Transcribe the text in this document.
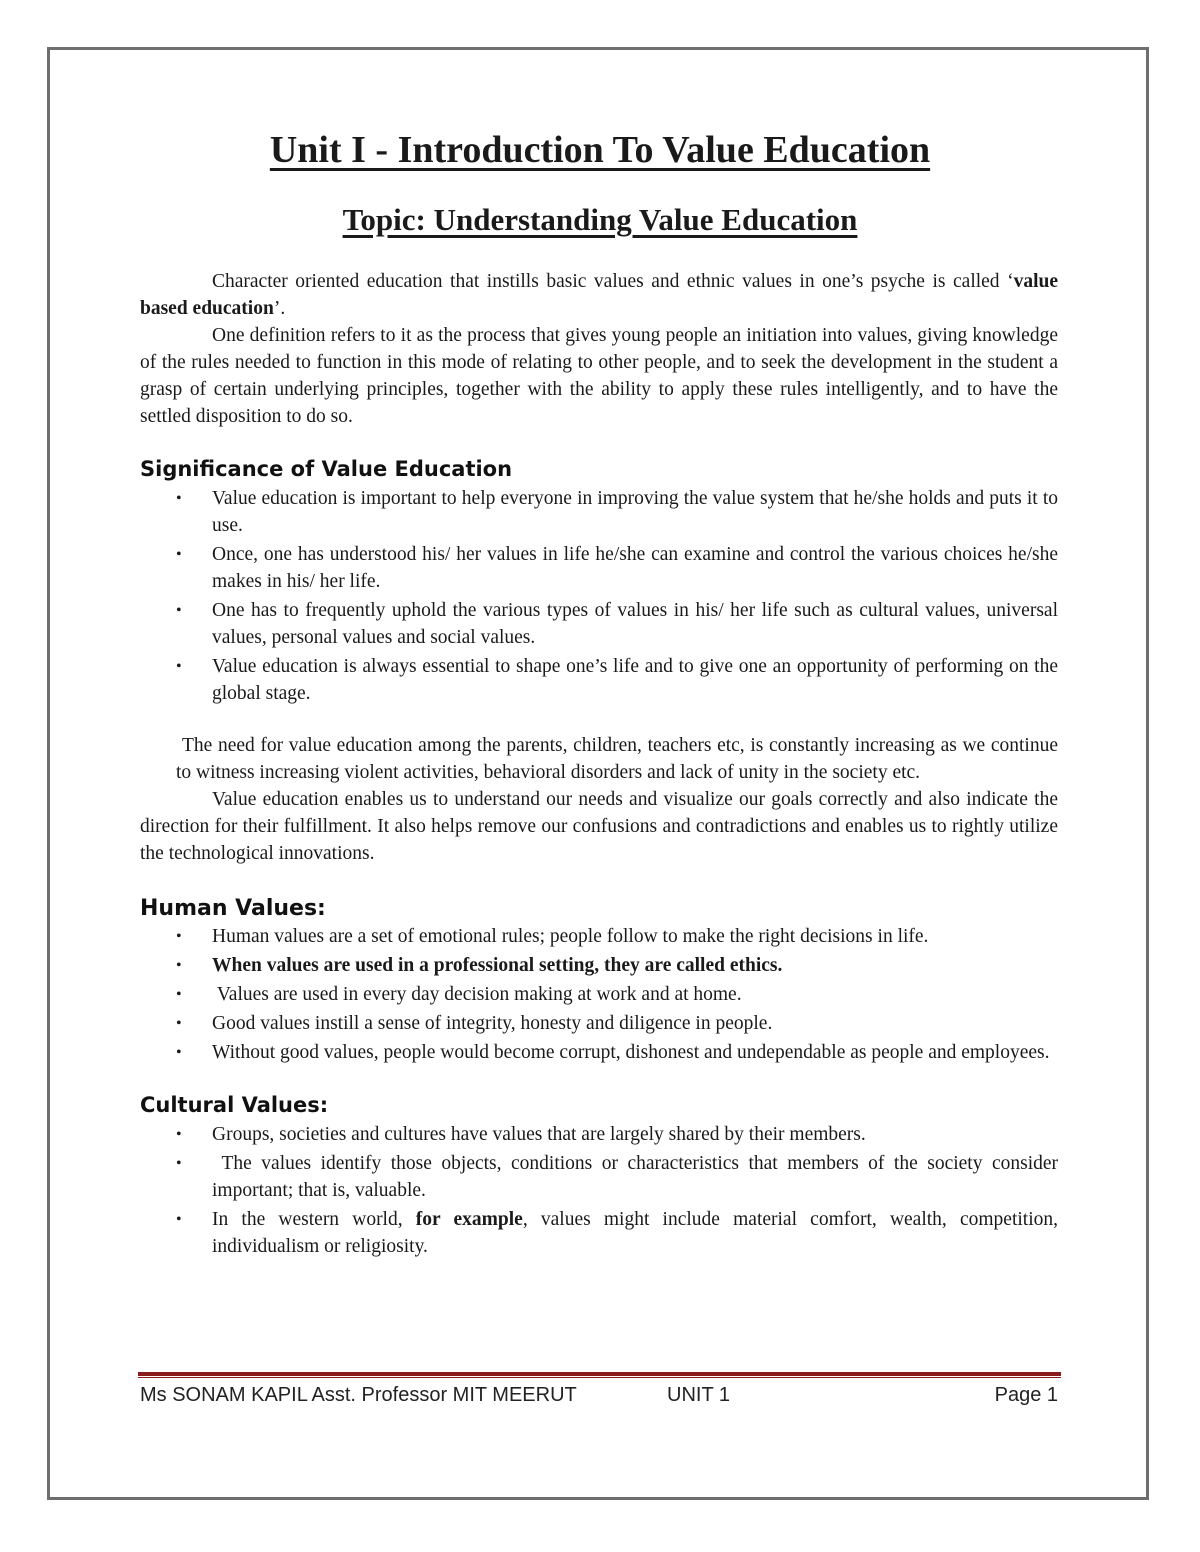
Unit I - Introduction To Value Education
Topic: Understanding Value Education

Character oriented education that instills basic values and ethnic values in one’s psyche is called ‘value based education’.

One definition refers to it as the process that gives young people an initiation into values, giving knowledge of the rules needed to function in this mode of relating to other people, and to seek the development in the student a grasp of certain underlying principles, together with the ability to apply these rules intelligently, and to have the settled disposition to do so.

Significance of Value Education
• Value education is important to help everyone in improving the value system that he/she holds and puts it to use.
• Once, one has understood his/ her values in life he/she can examine and control the various choices he/she makes in his/ her life.
• One has to frequently uphold the various types of values in his/ her life such as cultural values, universal values, personal values and social values.
• Value education is always essential to shape one’s life and to give one an opportunity of performing on the global stage.

The need for value education among the parents, children, teachers etc, is constantly increasing as we continue to witness increasing violent activities, behavioral disorders and lack of unity in the society etc.

Value education enables us to understand our needs and visualize our goals correctly and also indicate the direction for their fulfillment. It also helps remove our confusions and contradictions and enables us to rightly utilize the technological innovations.

Human Values:
• Human values are a set of emotional rules; people follow to make the right decisions in life.
• When values are used in a professional setting, they are called ethics.
• Values are used in every day decision making at work and at home.
• Good values instill a sense of integrity, honesty and diligence in people.
• Without good values, people would become corrupt, dishonest and undependable as people and employees.
Cultural Values:
• Groups, societies and cultures have values that are largely shared by their members.
• The values identify those objects, conditions or characteristics that members of the society consider important; that is, valuable.
• In the western world, for example, values might include material comfort, wealth, competition, individualism or religiosity.
Ms SONAM KAPIL Asst. Professor MIT MEERUT	UNIT 1	Page 1
